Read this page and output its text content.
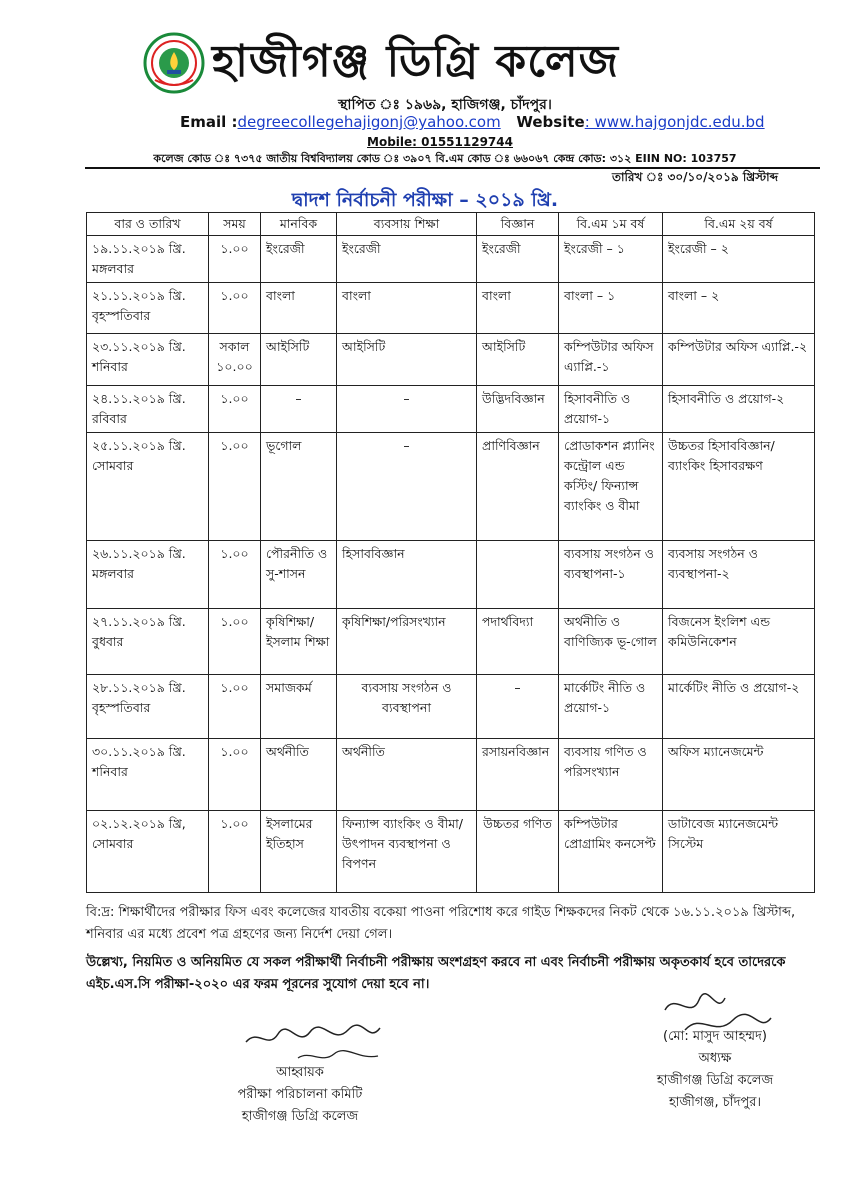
হাজীগঞ্জ ডিগ্রি কলেজ
স্থাপিত ঃ ১৯৬৯, হাজিগঞ্জ, চাঁদপুর।
Email :degreecollegehajigonj@yahoo.com Website: www.hajgonjdc.edu.bd
Mobile: 01551129744
কলেজ কোড ঃ ৭৩৭৫ জাতীয় বিশ্ববিদ্যালয় কোড ঃ ৩৯০৭ বি.এম কোড ঃ ৬৬০৬৭ কেন্দ্র কোড: ৩১২ EIIN NO: 103757
তারিখ ঃ ৩০/১০/২০১৯ খ্রিস্টাব্দ
দ্বাদশ নির্বাচনী পরীক্ষা – ২০১৯ খ্রি.
বার ও তারিখ	সময়	মানবিক	ব্যবসায় শিক্ষা	বিজ্ঞান	বি.এম ১ম বর্ষ	বি.এম ২য় বর্ষ

১৯.১১.২০১৯ খ্রি.
মঙ্গলবার	১.০০	ইংরেজী	ইংরেজী	ইংরেজী	ইংরেজী – ১	ইংরেজী – ২

২১.১১.২০১৯ খ্রি.
বৃহস্পতিবার	১.০০	বাংলা	বাংলা	বাংলা	বাংলা – ১	বাংলা – ২

২৩.১১.২০১৯ খ্রি.
শনিবার	সকাল ১০.০০	আইসিটি	আইসিটি	আইসিটি	কম্পিউটার অফিস এ্যাপ্লি.-১	কম্পিউটার অফিস এ্যাপ্লি.-২

২৪.১১.২০১৯ খ্রি.
রবিবার	১.০০	–	–	উদ্ভিদবিজ্ঞান	হিসাবনীতি ও প্রয়োগ-১	হিসাবনীতি ও প্রয়োগ-২

২৫.১১.২০১৯ খ্রি.
সোমবার	১.০০	ভূগোল	–	প্রাণিবিজ্ঞান	প্রোডাকশন প্ল্যানিং কন্ট্রোল এন্ড কস্টিং/ ফিন্যান্স ব্যাংকিং ও বীমা	উচ্চতর হিসাববিজ্ঞান/ব্যাংকিং হিসাবরক্ষণ

২৬.১১.২০১৯ খ্রি.
মঙ্গলবার	১.০০	পৌরনীতি ও সু-শাসন	হিসাববিজ্ঞান		ব্যবসায় সংগঠন ও ব্যবস্থাপনা-১	ব্যবসায় সংগঠন ও ব্যবস্থাপনা-২

২৭.১১.২০১৯ খ্রি.
বুধবার	১.০০	কৃষিশিক্ষা/ ইসলাম শিক্ষা	কৃষিশিক্ষা/পরিসংখ্যান	পদার্থবিদ্যা	অর্থনীতি ও বাণিজ্যিক ভূ-গোল	বিজনেস ইংলিশ এন্ড কমিউনিকেশন

২৮.১১.২০১৯ খ্রি.
বৃহস্পতিবার	১.০০	সমাজকর্ম	ব্যবসায় সংগঠন ও ব্যবস্থাপনা	–	মার্কেটিং নীতি ও প্রয়োগ-১	মার্কেটিং নীতি ও প্রয়োগ-২

৩০.১১.২০১৯ খ্রি.
শনিবার	১.০০	অর্থনীতি	অর্থনীতি	রসায়নবিজ্ঞান	ব্যবসায় গণিত ও পরিসংখ্যান	অফিস ম্যানেজমেন্ট

০২.১২.২০১৯ খ্রি,
সোমবার	১.০০	ইসলামের ইতিহাস	ফিন্যান্স ব্যাংকিং ও বীমা/উৎপাদন ব্যবস্থাপনা ও বিপণন	উচ্চতর গণিত	কম্পিউটার প্রোগ্রামিং কনসেপ্ট	ডাটাবেজ ম্যানেজমেন্ট সিস্টেম
বি:দ্র: শিক্ষার্থীদের পরীক্ষার ফিস এবং কলেজের যাবতীয় বকেয়া পাওনা পরিশোধ করে গাইড শিক্ষকদের নিকট থেকে ১৬.১১.২০১৯ খ্রিস্টাব্দ, শনিবার এর মধ্যে প্রবেশ পত্র গ্রহণের জন্য নির্দেশ দেয়া গেল।
উল্লেখ্য, নিয়মিত ও অনিয়মিত যে সকল পরীক্ষার্থী নির্বাচনী পরীক্ষায় অংশগ্রহণ করবে না এবং নির্বাচনী পরীক্ষায় অকৃতকার্য হবে তাদেরকে এইচ.এস.সি পরীক্ষা-২০২০ এর ফরম পূরনের সুযোগ দেয়া হবে না।
আহ্বায়ক
পরীক্ষা পরিচালনা কমিটি
হাজীগঞ্জ ডিগ্রি কলেজ
(মো: মাসুদ আহম্মদ)
অধ্যক্ষ
হাজীগঞ্জ ডিগ্রি কলেজ
হাজীগঞ্জ, চাঁদপুর।
